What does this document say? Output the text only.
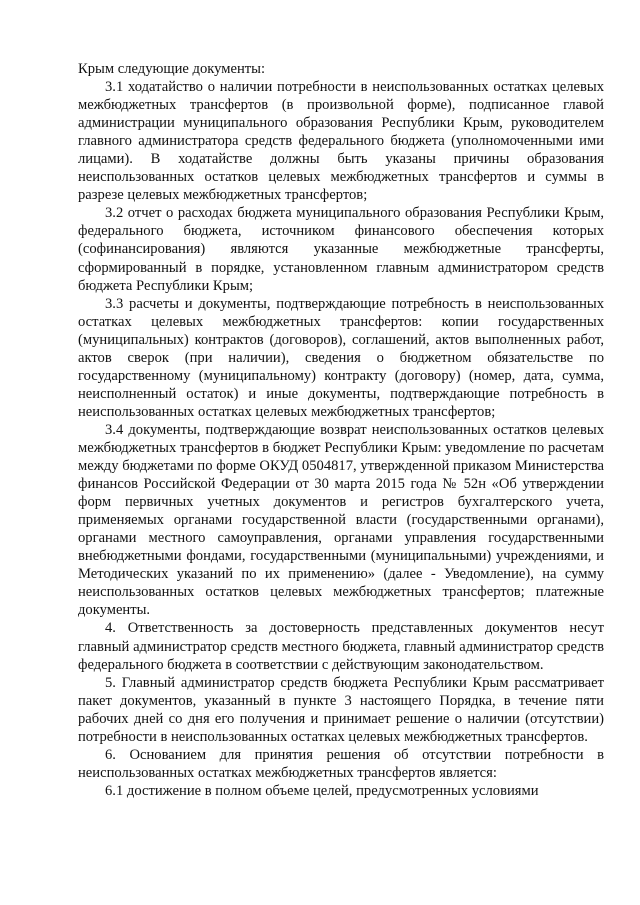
Крым следующие документы:

3.1 ходатайство о наличии потребности в неиспользованных остатках целевых межбюджетных трансфертов (в произвольной форме), подписанное главой администрации муниципального образования Республики Крым, руководителем главного администратора средств федерального бюджета (уполномоченными ими лицами). В ходатайстве должны быть указаны причины образования неиспользованных остатков целевых межбюджетных трансфертов и суммы в разрезе целевых межбюджетных трансфертов;

3.2 отчет о расходах бюджета муниципального образования Республики Крым, федерального бюджета, источником финансового обеспечения которых (софинансирования) являются указанные межбюджетные трансферты, сформированный в порядке, установленном главным администратором средств бюджета Республики Крым;

3.3 расчеты и документы, подтверждающие потребность в неиспользованных остатках целевых межбюджетных трансфертов: копии государственных (муниципальных) контрактов (договоров), соглашений, актов выполненных работ, актов сверок (при наличии), сведения о бюджетном обязательстве по государственному (муниципальному) контракту (договору) (номер, дата, сумма, неисполненный остаток) и иные документы, подтверждающие потребность в неиспользованных остатках целевых межбюджетных трансфертов;

3.4 документы, подтверждающие возврат неиспользованных остатков целевых межбюджетных трансфертов в бюджет Республики Крым: уведомление по расчетам между бюджетами по форме ОКУД 0504817, утвержденной приказом Министерства финансов Российской Федерации от 30 марта 2015 года № 52н «Об утверждении форм первичных учетных документов и регистров бухгалтерского учета, применяемых органами государственной власти (государственными органами), органами местного самоуправления, органами управления государственными внебюджетными фондами, государственными (муниципальными) учреждениями, и Методических указаний по их применению» (далее - Уведомление), на сумму неиспользованных остатков целевых межбюджетных трансфертов; платежные документы.

4. Ответственность за достоверность представленных документов несут главный администратор средств местного бюджета, главный администратор средств федерального бюджета в соответствии с действующим законодательством.

5. Главный администратор средств бюджета Республики Крым рассматривает пакет документов, указанный в пункте 3 настоящего Порядка, в течение пяти рабочих дней со дня его получения и принимает решение о наличии (отсутствии) потребности в неиспользованных остатках целевых межбюджетных трансфертов.

6. Основанием для принятия решения об отсутствии потребности в неиспользованных остатках межбюджетных трансфертов является:

6.1 достижение в полном объеме целей, предусмотренных условиями
